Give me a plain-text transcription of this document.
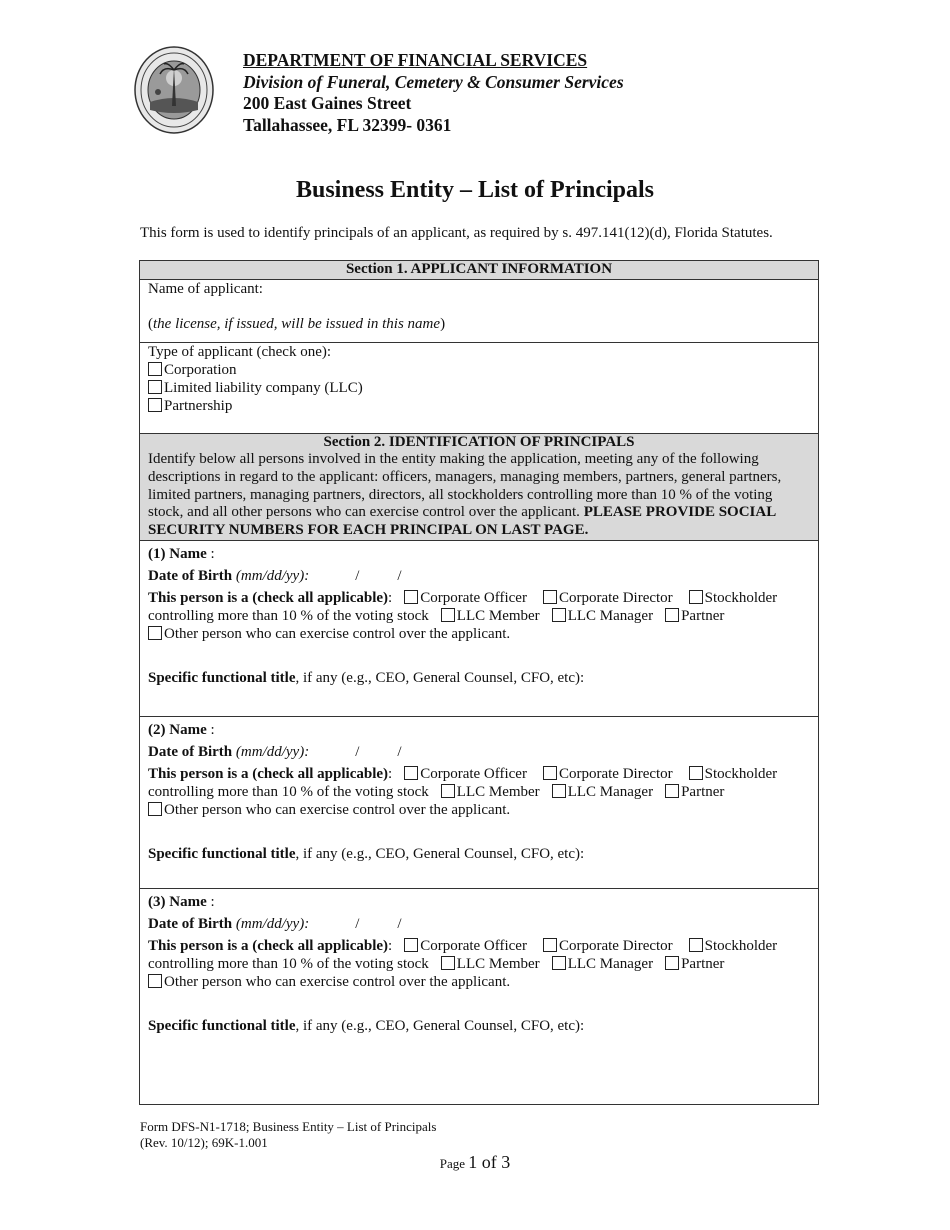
DEPARTMENT OF FINANCIAL SERVICES
Division of Funeral, Cemetery & Consumer Services
200 East Gaines Street
Tallahassee, FL 32399- 0361
Business Entity – List of Principals
This form is used to identify principals of an applicant, as required by s. 497.141(12)(d), Florida Statutes.
Section 1. APPLICANT INFORMATION
Name of applicant:
(the license, if issued, will be issued in this name)
Type of applicant (check one):
Corporation
Limited liability company (LLC)
Partnership
Section 2. IDENTIFICATION OF PRINCIPALS
Identify below all persons involved in the entity making the application, meeting any of the following descriptions in regard to the applicant: officers, managers, managing members, partners, general partners, limited partners, managing partners, directors, all stockholders controlling more than 10 % of the voting stock, and all other persons who can exercise control over the applicant. PLEASE PROVIDE SOCIAL SECURITY NUMBERS FOR EACH PRINCIPAL ON LAST PAGE.
(1) Name :
Date of Birth (mm/dd/yy):	/	/
This person is a (check all applicable): Corporate Officer Corporate Director Stockholder
controlling more than 10 % of the voting stock LLC Member LLC Manager Partner
Other person who can exercise control over the applicant.
Specific functional title, if any (e.g., CEO, General Counsel, CFO, etc):
(2) Name :
Date of Birth (mm/dd/yy):	/	/
This person is a (check all applicable): Corporate Officer Corporate Director Stockholder
controlling more than 10 % of the voting stock LLC Member LLC Manager Partner
Other person who can exercise control over the applicant.
Specific functional title, if any (e.g., CEO, General Counsel, CFO, etc):
(3) Name :
Date of Birth (mm/dd/yy):	/	/
This person is a (check all applicable): Corporate Officer Corporate Director Stockholder
controlling more than 10 % of the voting stock LLC Member LLC Manager Partner
Other person who can exercise control over the applicant.
Specific functional title, if any (e.g., CEO, General Counsel, CFO, etc):
Form DFS-N1-1718; Business Entity – List of Principals
(Rev. 10/12); 69K-1.001
Page 1 of 3
